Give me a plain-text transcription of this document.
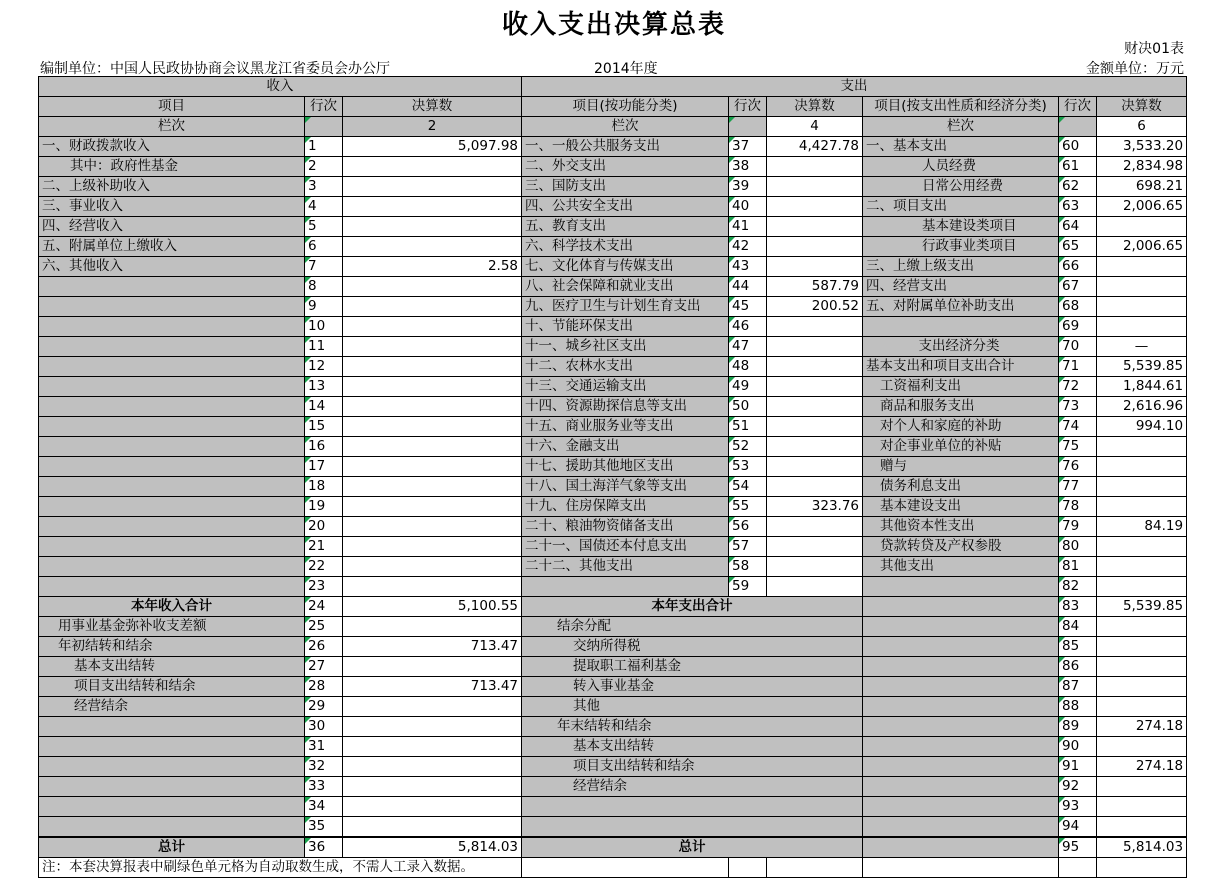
收入支出决算总表
财决01表
编制单位：中国人民政协协商会议黑龙江省委员会办公厅	2014年度	金额单位：万元
收入			支出					
项目	行次	决算数	项目(按功能分类)	行次	决算数	项目(按支出性质和经济分类)	行次	决算数
栏次		2	栏次		4	栏次		6
一、财政拨款收入	1	5,097.98	一、一般公共服务支出	37	4,427.78	一、基本支出	60	3,533.20
其中：政府性基金	2		二、外交支出	38		人员经费	61	2,834.98
二、上级补助收入	3		三、国防支出	39		日常公用经费	62	698.21
三、事业收入	4		四、公共安全支出	40		二、项目支出	63	2,006.65
四、经营收入	5		五、教育支出	41		基本建设类项目	64	
五、附属单位上缴收入	6		六、科学技术支出	42		行政事业类项目	65	2,006.65
六、其他收入	7	2.58	七、文化体育与传媒支出	43		三、上缴上级支出	66	
	8		八、社会保障和就业支出	44	587.79	四、经营支出	67	
	9		九、医疗卫生与计划生育支出	45	200.52	五、对附属单位补助支出	68	
	10		十、节能环保支出	46			69	
	11		十一、城乡社区支出	47		支出经济分类	70	—
	12		十二、农林水支出	48		基本支出和项目支出合计	71	5,539.85
	13		十三、交通运输支出	49		工资福利支出	72	1,844.61
	14		十四、资源勘探信息等支出	50		商品和服务支出	73	2,616.96
	15		十五、商业服务业等支出	51		对个人和家庭的补助	74	994.10
	16		十六、金融支出	52		对企事业单位的补贴	75	
	17		十七、援助其他地区支出	53		赠与	76	
	18		十八、国土海洋气象等支出	54		债务利息支出	77	
	19		十九、住房保障支出	55	323.76	基本建设支出	78	
	20		二十、粮油物资储备支出	56		其他资本性支出	79	84.19
	21		二十一、国债还本付息支出	57		贷款转贷及产权参股	80	
	22		二十二、其他支出	58		其他支出	81	
	23			59			82	
本年收入合计	24	5,100.55	本年支出合计				83	5,539.85
用事业基金弥补收支差额	25		结余分配				84	
年初结转和结余	26	713.47	交纳所得税				85	
基本支出结转	27		提取职工福利基金				86	
项目支出结转和结余	28	713.47	转入事业基金				87	
经营结余	29		其他				88	
	30		年末结转和结余				89	274.18
	31		基本支出结转				90	
	32		项目支出结转和结余				91	274.18
	33		经营结余				92	
	34						93	
	35						94	
总计	36	5,814.03	总计				95	5,814.03
注：本套决算报表中刷绿色单元格为自动取数生成，不需人工录入数据。								
